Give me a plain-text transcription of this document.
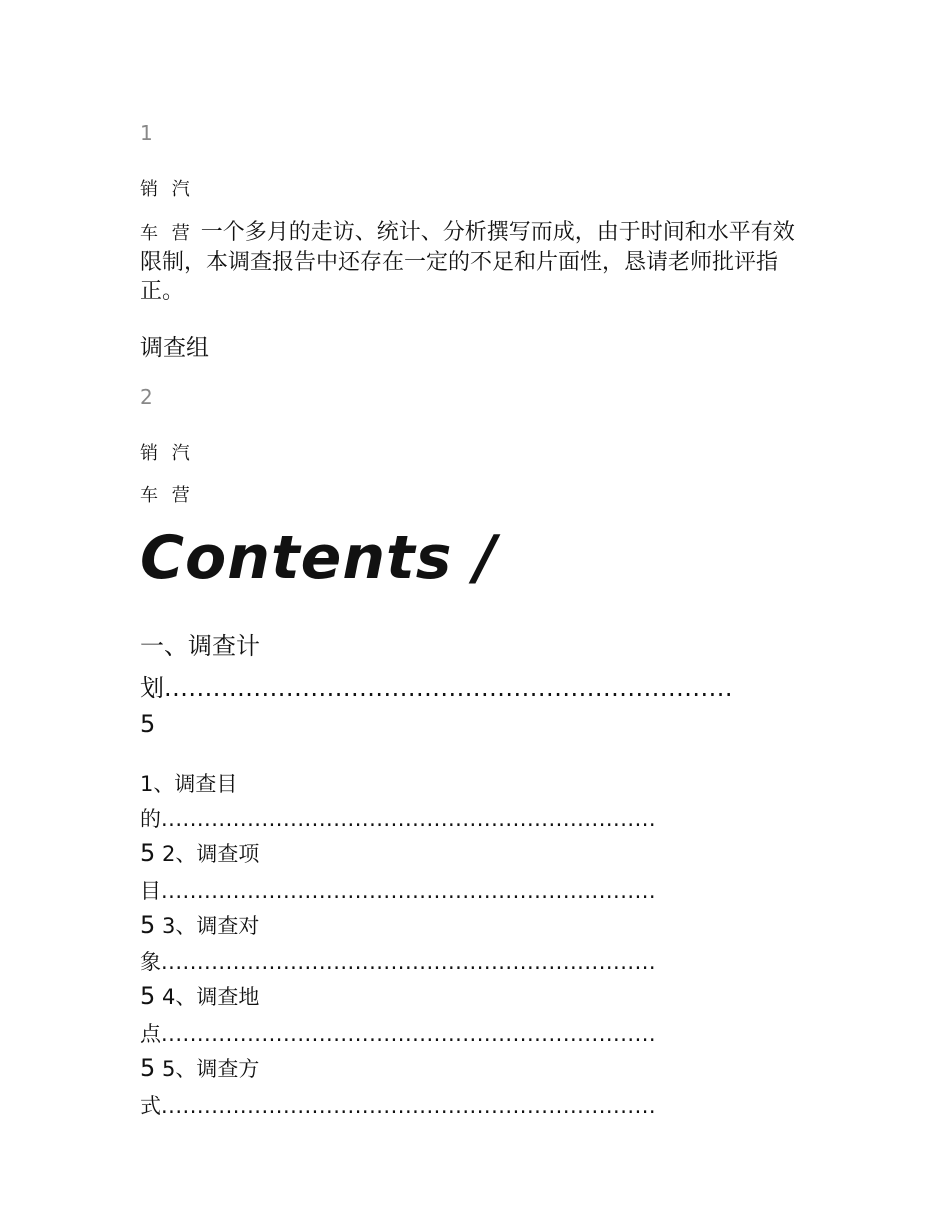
1
销 汽
车 营 一个多月的走访、统计、分析撰写而成，由于时间和水平有效限制，本调查报告中还存在一定的不足和片面性，恳请老师批评指正。
调查组
2
销 汽
车 营
Contents /
一、调查计
划......................................................................
5
1、调查目
的.....................................................................
5 2、调查项
目.....................................................................
5 3、调查对
象.....................................................................
5 4、调查地
点.....................................................................
5 5、调查方
式.....................................................................
